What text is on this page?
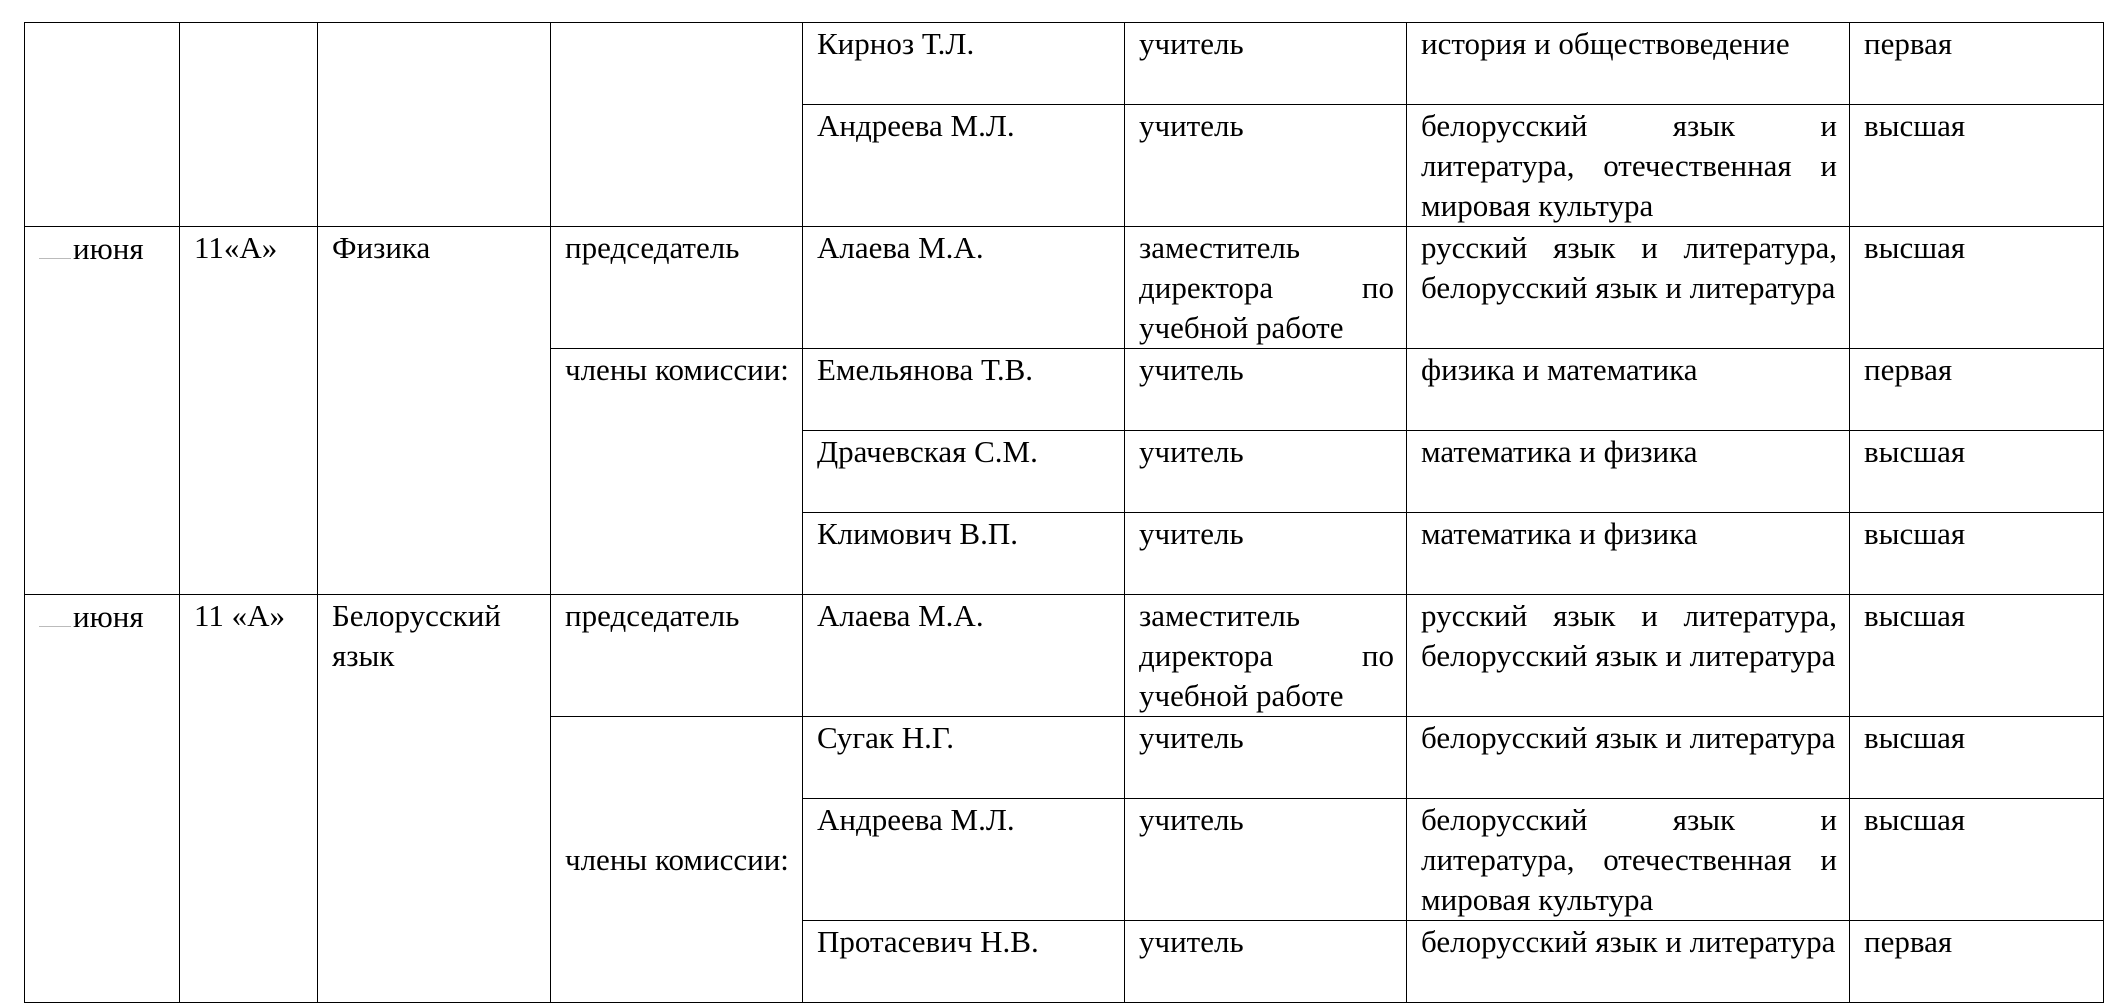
				Кирноз Т.Л.	учитель	история и обществоведение	первая
				Андреева М.Л.	учитель	белорусский язык и литература, отечественная и мировая культура	высшая
июня	11«А»	Физика	председатель	Алаева М.А.	заместитель директора по учебной работе	русский язык и литература, белорусский язык и литература	высшая
			члены комиссии:	Емельянова Т.В.	учитель	физика и математика	первая
				Драчевская С.М.	учитель	математика и физика	высшая
				Климович В.П.	учитель	математика и физика	высшая
июня	11 «А»	Белорусский язык	председатель	Алаева М.А.	заместитель директора по учебной работе	русский язык и литература, белорусский язык и литература	высшая
			члены комиссии:	Сугак Н.Г.	учитель	белорусский язык и литература	высшая
				Андреева М.Л.	учитель	белорусский язык и литература, отечественная и мировая культура	высшая
				Протасевич Н.В.	учитель	белорусский язык и литература	первая
